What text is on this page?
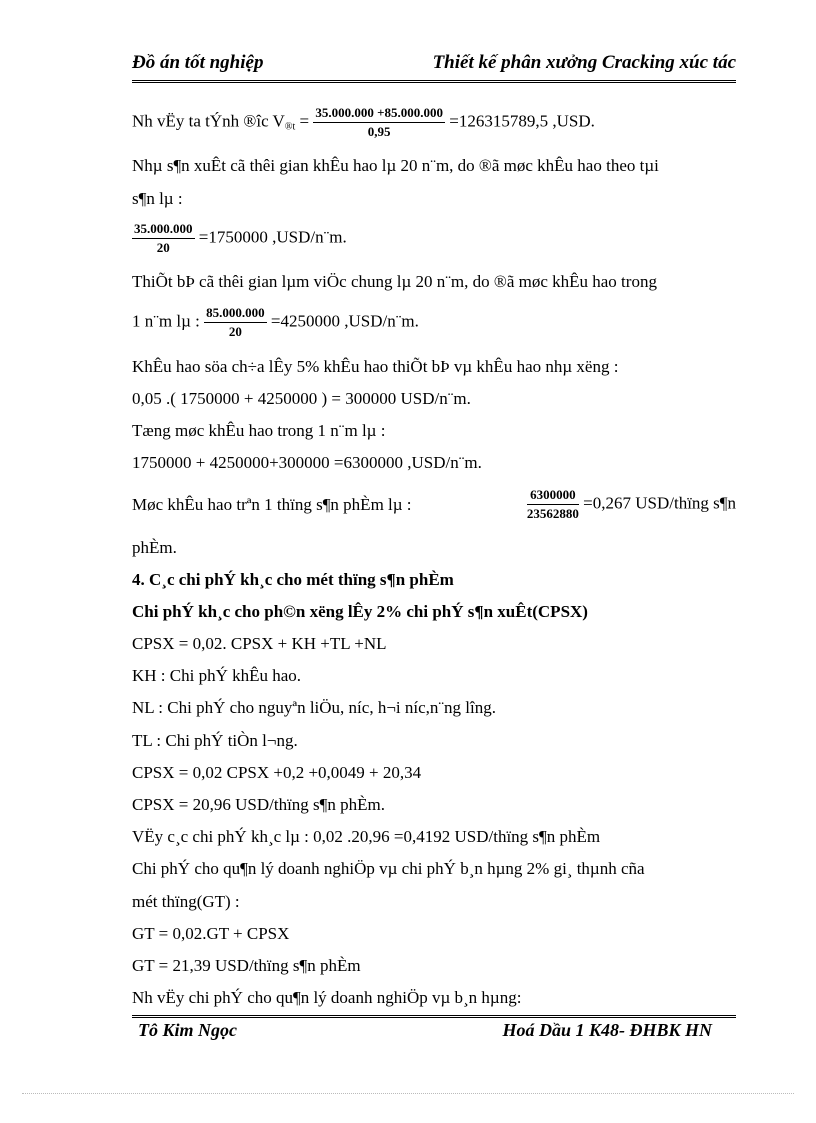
Đồ án tốt nghiệp	Thiết kế phân xưởng Cracking xúc tác
Nh vËy ta tÝnh ®îc $V_{®t} = \frac{35.000.000 +85.000.000}{0,95} =126315789,5$ ,USD.
Nhµ s¶n xuÊt cã thêi gian khÊu hao lµ 20 n¨m, do ®ã møc khÊu hao theo tµi
s¶n lµ :
$\frac{35.000.000}{20} =1750000$ ,USD/n¨m.
ThiÕt bÞ cã thêi gian lµm viÖc chung lµ 20 n¨m, do ®ã møc khÊu hao trong
1 n¨m lµ : $\frac{85.000.000}{20} =4250000$ ,USD/n¨m.
KhÊu hao söa ch÷a lÊy 5% khÊu hao thiÕt bÞ vµ khÊu hao nhµ xëng :
0,05 .( 1750000 + 4250000 ) = 300000 USD/n¨m.
Tæng møc khÊu hao trong 1 n¨m lµ :
1750000 + 4250000+300000 =6300000 ,USD/n¨m.
Møc khÊu hao trªn 1 thïng s¶n phÈm lµ :	$\frac{6300000}{23562880} =0,267$ USD/thïng s¶n
phÈm.
4. C¸c chi phÝ kh¸c cho mét thïng s¶n phÈm
Chi phÝ kh¸c cho ph©n xëng lÊy 2% chi phÝ s¶n xuÊt(CPSX)
CPSX = 0,02. CPSX + KH +TL +NL
KH : Chi phÝ khÊu hao.
NL : Chi phÝ cho nguyªn liÖu, níc, h¬i níc,n¨ng lîng.
TL : Chi phÝ tiÒn l¬ng.
CPSX = 0,02 CPSX +0,2 +0,0049 + 20,34
CPSX = 20,96 USD/thïng s¶n phÈm.
VËy c¸c chi phÝ kh¸c lµ : 0,02 .20,96 =0,4192 USD/thïng s¶n phÈm
Chi phÝ cho qu¶n lý doanh nghiÖp vµ chi phÝ b¸n hµng 2% gi¸ thµnh cña
mét thïng(GT) :
GT = 0,02.GT + CPSX
GT = 21,39 USD/thïng s¶n phÈm
Nh vËy chi phÝ cho qu¶n lý doanh nghiÖp vµ b¸n hµng:
Tô Kim Ngọc	Hoá Dầu 1 K48- ĐHBK HN
